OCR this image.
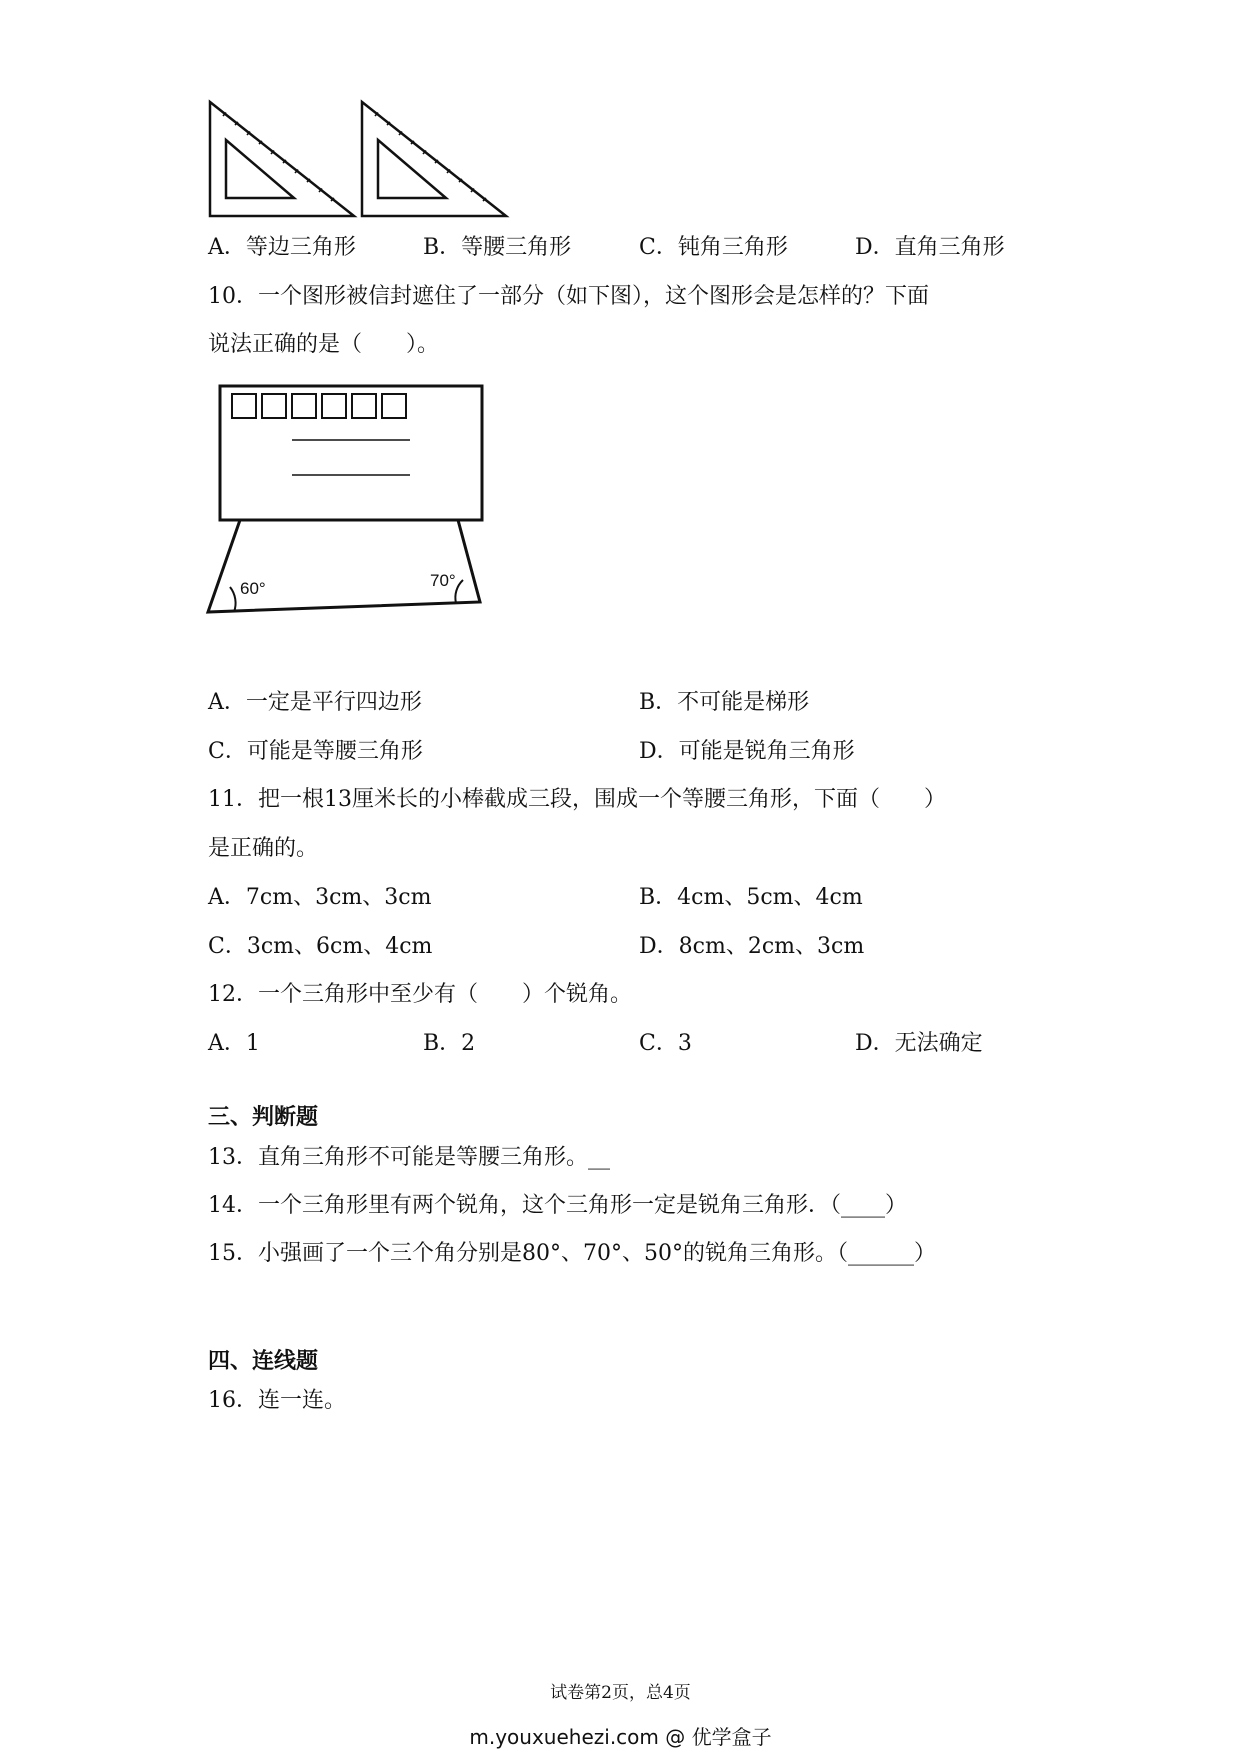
A．等边三角形	B．等腰三角形	C．钝角三角形	D．直角三角形
10．一个图形被信封遮住了一部分（如下图），这个图形会是怎样的？下面
说法正确的是（　　）。
60°	70°
A．一定是平行四边形	B．不可能是梯形
C．可能是等腰三角形	D．可能是锐角三角形
11．把一根13厘米长的小棒截成三段，围成一个等腰三角形，下面（　　）
是正确的。
A．7cm、3cm、3cm	B．4cm、5cm、4cm
C．3cm、6cm、4cm	D．8cm、2cm、3cm
12．一个三角形中至少有（　　）个锐角。
A．1	B．2	C．3	D．无法确定
三、判断题
13．直角三角形不可能是等腰三角形。__
14．一个三角形里有两个锐角，这个三角形一定是锐角三角形．（____）
15．小强画了一个三个角分别是80°、70°、50°的锐角三角形。（______）
四、连线题
16．连一连。
试卷第2页，总4页
m.youxuehezi.com @ 优学盒子
